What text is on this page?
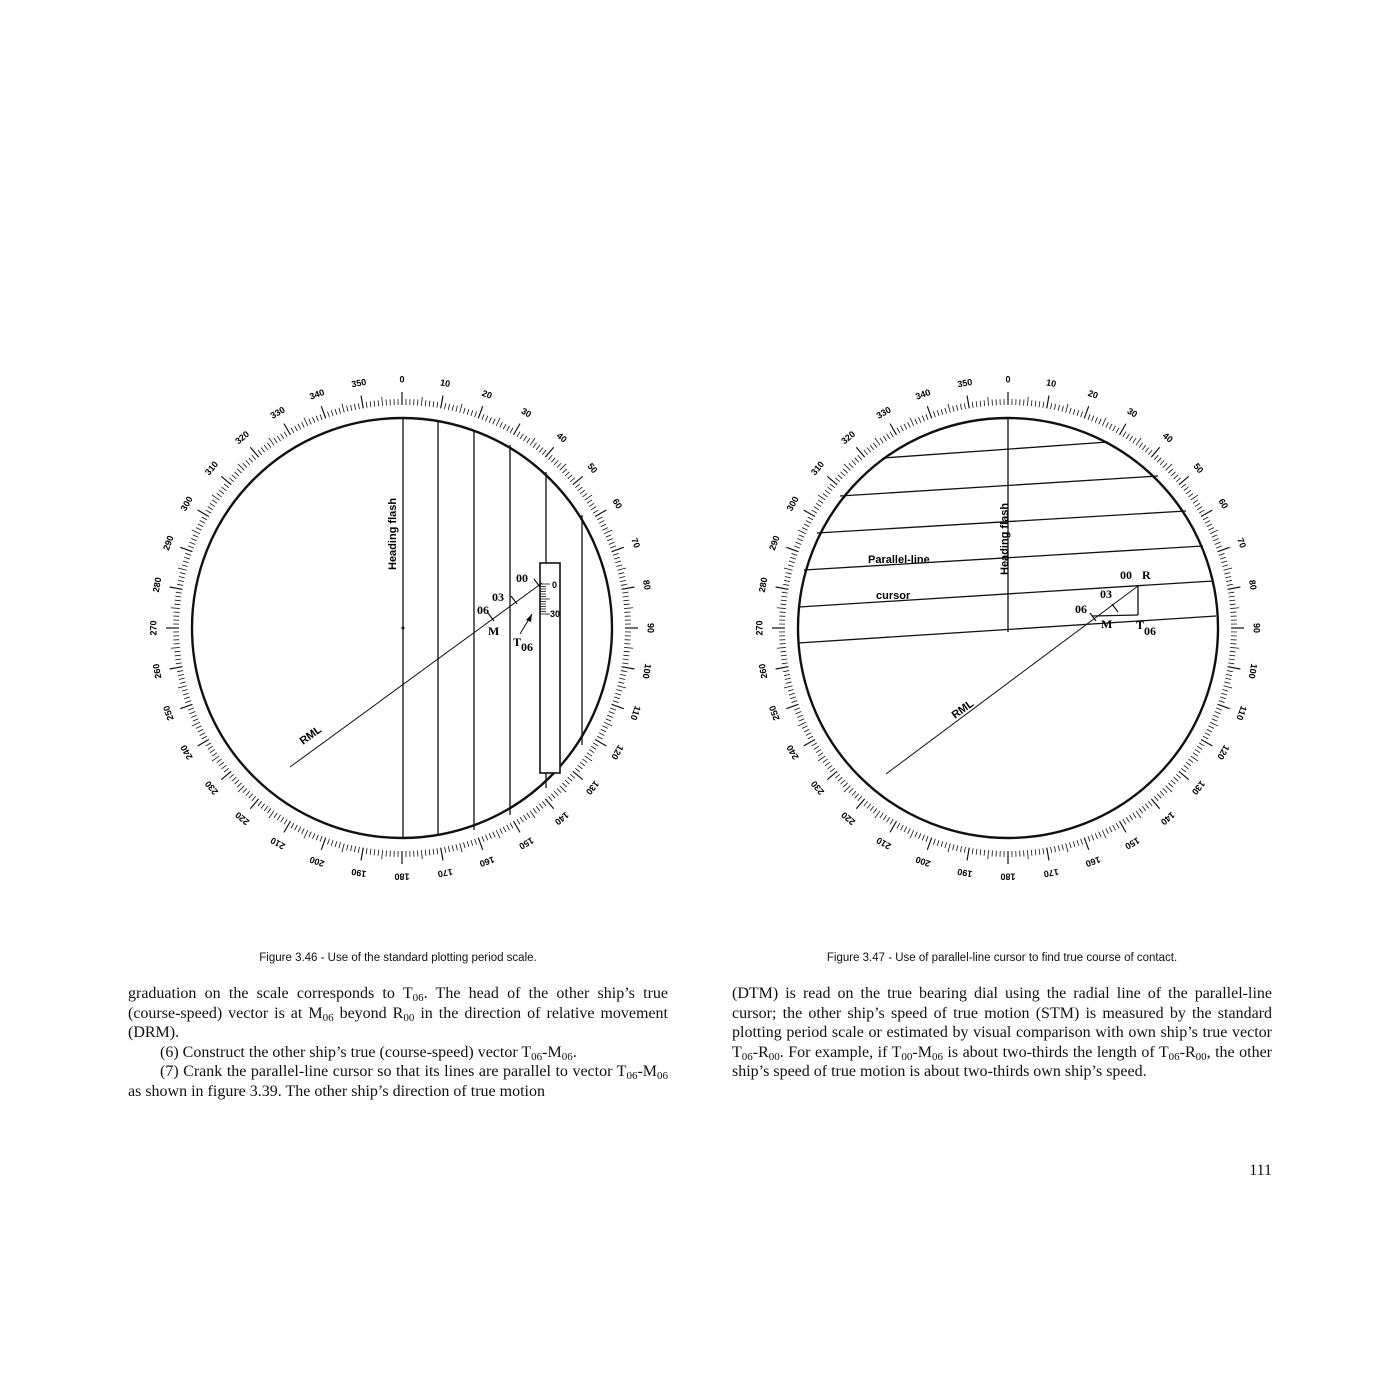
0	10
20
30
40
50
60
70
80
90
100
110
120
130
140
150
160
170
180
190
200
210
220
230
240
250
260
270
280
290
300
310
320
330
340
350
0
30
Heading flash
RML
00
03
06
M
T 06
0	10
20
30
40
50
60
70
80
90
100
110
120
130
140
150
160
170
180
190
200
210
220
230
240
250
260
270
280
290
300
310
320
330
340
350
Heading flash
Parallel-line
cursor
RML
00 R
03
06
M T 06
Figure 3.46 - Use of the standard plotting period scale.	Figure 3.47 - Use of parallel-line cursor to find true course of contact.

graduation on the scale corresponds to $T_{06}$. The head of the other ship’s true (course-speed) vector is at $M_{06}$ beyond $R_{00}$ in the direction of relative movement (DRM).

(6) Construct the other ship’s true (course-speed) vector $T_{06}-M_{06}$.

(7) Crank the parallel-line cursor so that its lines are parallel to vector $T_{06}-M_{06}$ as shown in figure 3.39. The other ship’s direction of true motion

(DTM) is read on the true bearing dial using the radial line of the parallel-line cursor; the other ship’s speed of true motion (STM) is measured by the standard plotting period scale or estimated by visual comparison with own ship’s true vector $T_{06}-R_{00}$. For example, if $T_{00}-M_{06}$ is about two-thirds the length of $T_{06}-R_{00}$, the other ship’s speed of true motion is about two-thirds own ship’s speed.

111
